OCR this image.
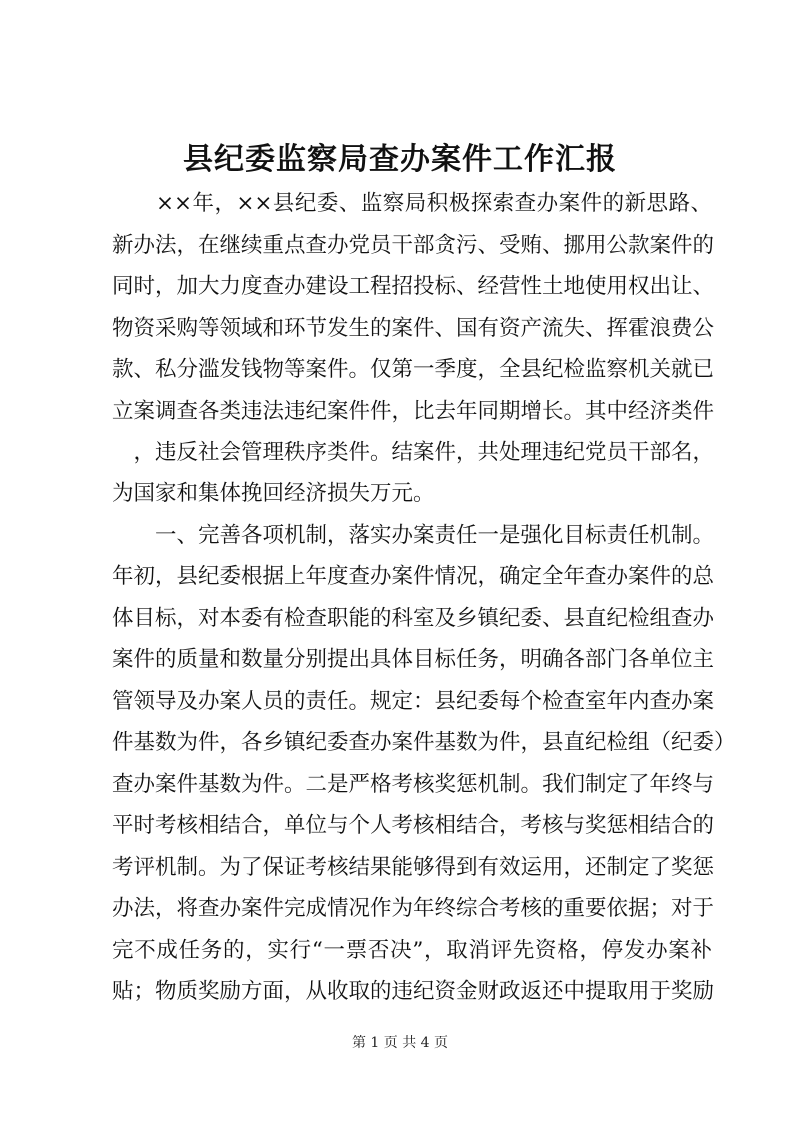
县纪委监察局查办案件工作汇报
　　××年，××县纪委、监察局积极探索查办案件的新思路、
新办法，在继续重点查办党员干部贪污、受贿、挪用公款案件的
同时，加大力度查办建设工程招投标、经营性土地使用权出让、
物资采购等领域和环节发生的案件、国有资产流失、挥霍浪费公
款、私分滥发钱物等案件。仅第一季度，全县纪检监察机关就已
立案调查各类违法违纪案件件，比去年同期增长。其中经济类件
　，违反社会管理秩序类件。结案件，共处理违纪党员干部名，
为国家和集体挽回经济损失万元。
　　一、完善各项机制，落实办案责任一是强化目标责任机制。
年初，县纪委根据上年度查办案件情况，确定全年查办案件的总
体目标，对本委有检查职能的科室及乡镇纪委、县直纪检组查办
案件的质量和数量分别提出具体目标任务，明确各部门各单位主
管领导及办案人员的责任。规定：县纪委每个检查室年内查办案
件基数为件，各乡镇纪委查办案件基数为件，县直纪检组（纪委）
查办案件基数为件。二是严格考核奖惩机制。我们制定了年终与
平时考核相结合，单位与个人考核相结合，考核与奖惩相结合的
考评机制。为了保证考核结果能够得到有效运用，还制定了奖惩
办法，将查办案件完成情况作为年终综合考核的重要依据；对于
完不成任务的，实行“一票否决”，取消评先资格，停发办案补
贴；物质奖励方面，从收取的违纪资金财政返还中提取用于奖励
第 1 页 共 4 页
